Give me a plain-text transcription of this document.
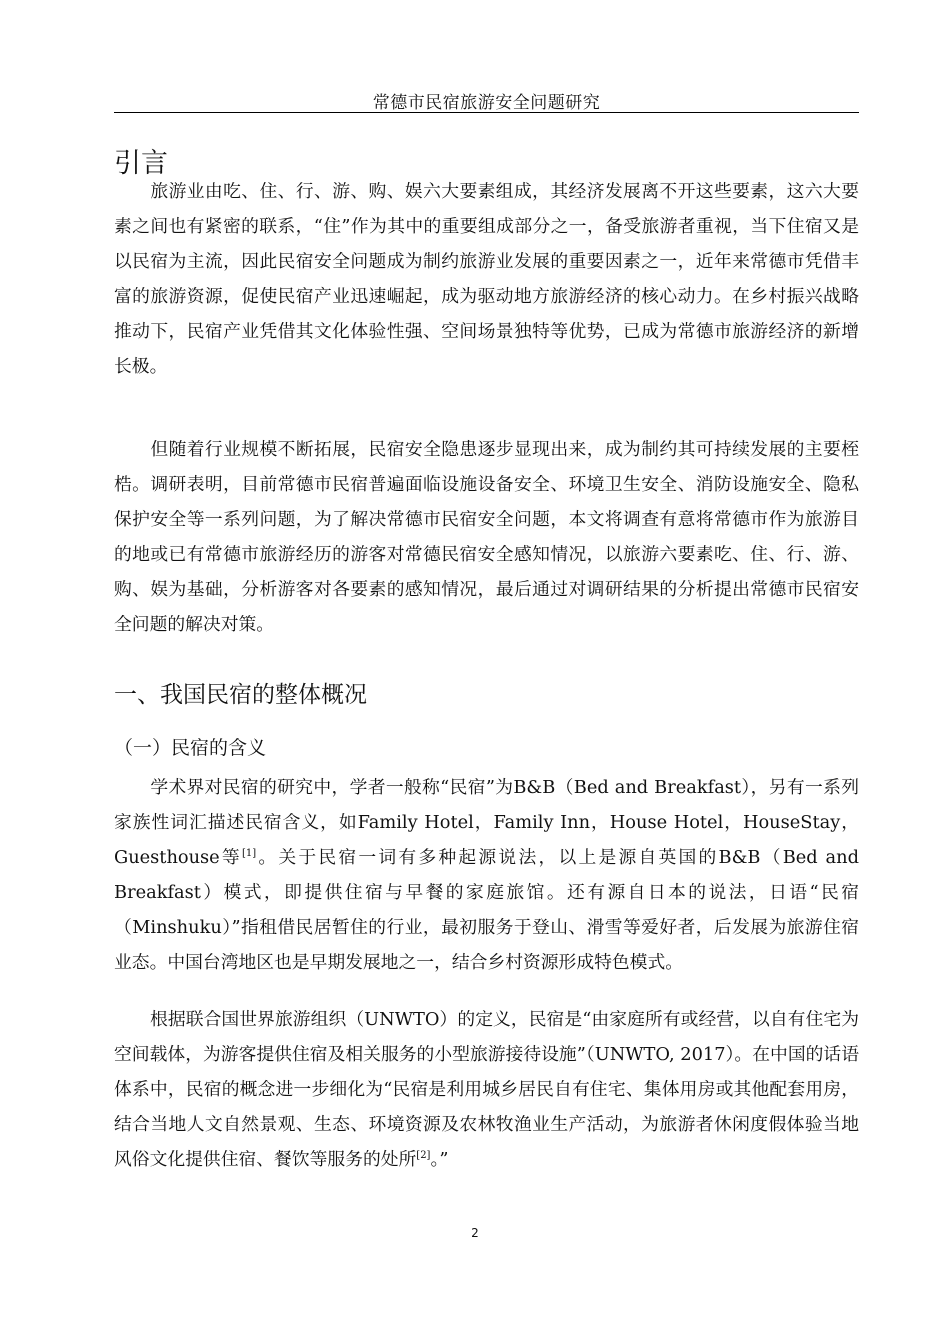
常德市民宿旅游安全问题研究
引言

旅游业由吃、住、行、游、购、娱六大要素组成，其经济发展离不开这些要素，这六大要素之间也有紧密的联系，“住”作为其中的重要组成部分之一，备受旅游者重视，当下住宿又是以民宿为主流，因此民宿安全问题成为制约旅游业发展的重要因素之一，近年来常德市凭借丰富的旅游资源，促使民宿产业迅速崛起，成为驱动地方旅游经济的核心动力。在乡村振兴战略推动下，民宿产业凭借其文化体验性强、空间场景独特等优势，已成为常德市旅游经济的新增长极。

但随着行业规模不断拓展，民宿安全隐患逐步显现出来，成为制约其可持续发展的主要桎梏。调研表明，目前常德市民宿普遍面临设施设备安全、环境卫生安全、消防设施安全、隐私保护安全等一系列问题，为了解决常德市民宿安全问题，本文将调查有意将常德市作为旅游目的地或已有常德市旅游经历的游客对常德民宿安全感知情况，以旅游六要素吃、住、行、游、购、娱为基础，分析游客对各要素的感知情况，最后通过对调研结果的分析提出常德市民宿安全问题的解决对策。

一、我国民宿的整体概况
（一）民宿的含义

学术界对民宿的研究中，学者一般称“民宿”为B&B（Bed and Breakfast），另有一系列家族性词汇描述民宿含义，如Family Hotel，Family Inn，House Hotel，HouseStay，Guesthouse等[1]。关于民宿一词有多种起源说法，以上是源自英国的B&B（Bed and Breakfast）模式，即提供住宿与早餐的家庭旅馆。还有源自日本的说法，日语“民宿（Minshuku）”指租借民居暂住的行业，最初服务于登山、滑雪等爱好者，后发展为旅游住宿业态。中国台湾地区也是早期发展地之一，结合乡村资源形成特色模式。

根据联合国世界旅游组织（UNWTO）的定义，民宿是“由家庭所有或经营，以自有住宅为空间载体，为游客提供住宿及相关服务的小型旅游接待设施”（UNWTO, 2017）。在中国的话语体系中，民宿的概念进一步细化为“民宿是利用城乡居民自有住宅、集体用房或其他配套用房，结合当地人文自然景观、生态、环境资源及农林牧渔业生产活动，为旅游者休闲度假体验当地风俗文化提供住宿、餐饮等服务的处所[2]。”

2
